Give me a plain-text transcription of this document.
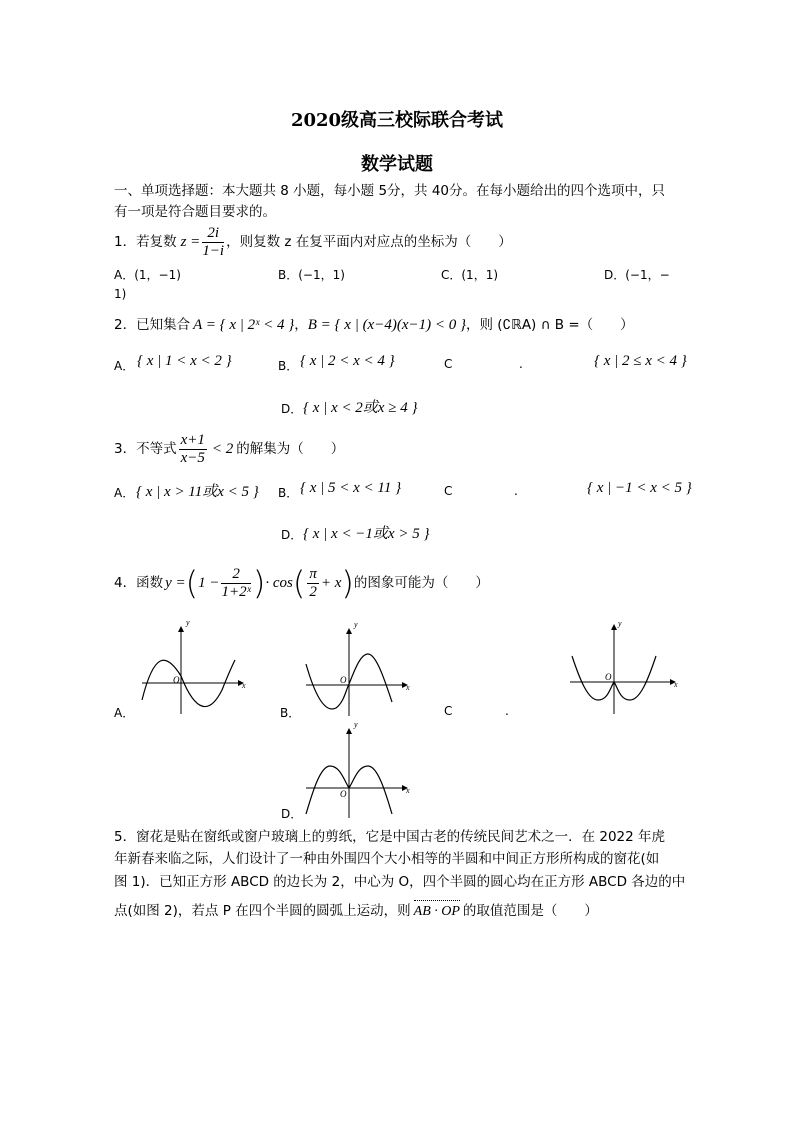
2020级高三校际联合考试
数学试题
一、单项选择题：本大题共 8 小题，每小题 5分，共 40分。在每小题给出的四个选项中，只
有一项是符合题目要求的。
1．若复数 $z = \frac{2i}{1-i}$ ，则复数 z 在复平面内对应点的坐标为（　　）
A．(1，−1)	B．(−1，1)	C．(1，1)	D．(−1，−
1)
2．已知集合 A = { x | 2ˣ < 4 } ， B = { x | (x−4)(x−1) < 0 } ，则 (∁ℝA) ∩ B =（　　）
A． { x | 1 < x < 2 }	B． { x | 2 < x < 4 }	C	.	{ x | 2 ≤ x < 4 }
D． { x | x < 2或x ≥ 4 }
3．不等式 $\frac{x+1}{x-5} < 2$ 的解集为（　　）
A． { x | x > 11或x < 5 } B． { x | 5 < x < 11 }	C	.	{ x | −1 < x < 5 }
D． { x | x < −1或x > 5 }
4．函数 y = ( $1 - \frac{2}{\text{1+2ˣ}}$ ) · cos ( $\frac{\pi}{2} + x$ ) 的图象可能为（　　）
y
x
O
A．
y
x
O
B．
y
x
O
C	.
y
x
O
D．
5．窗花是贴在窗纸或窗户玻璃上的剪纸，它是中国古老的传统民间艺术之一．在 2022 年虎
年新春来临之际，人们设计了一种由外围四个大小相等的半圆和中间正方形所构成的窗花(如
图 1)．已知正方形 ABCD 的边长为 2，中心为 O，四个半圆的圆心均在正方形 ABCD 各边的中
点(如图 2)，若点 P 在四个半圆的圆弧上运动，则 AB · OP 的取值范围是（　　）
